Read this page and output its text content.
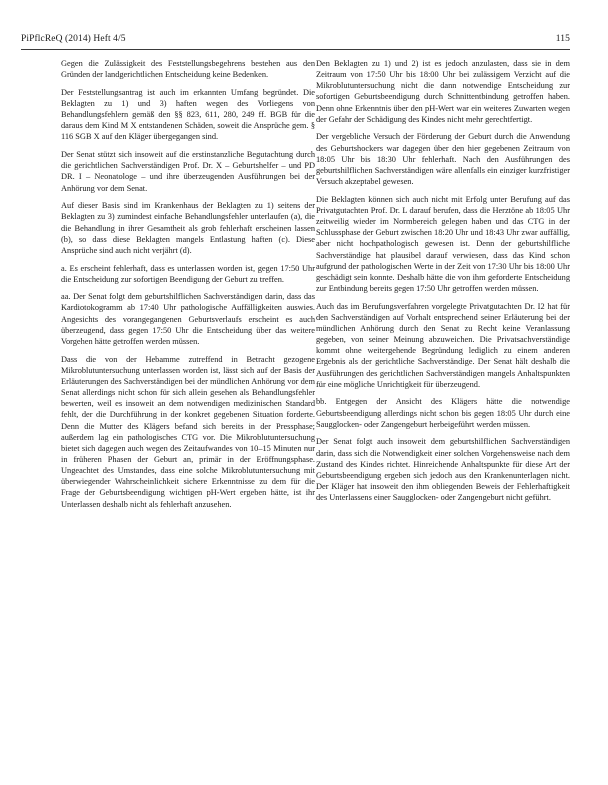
PiPflcReQ (2014) Heft 4/5	115

Gegen die Zulässigkeit des Feststellungsbegehrens bestehen aus den Gründen der landgerichtlichen Entscheidung keine Bedenken.

Der Feststellungsantrag ist auch im erkannten Umfang begründet. Die Beklagten zu 1) und 3) haften wegen des Vorliegens von Behandlungsfehlern gemäß den §§ 823, 611, 280, 249 ff. BGB für die daraus dem Kind M X entstandenen Schäden, soweit die Ansprüche gem. § 116 SGB X auf den Kläger übergegangen sind.

Der Senat stützt sich insoweit auf die erstinstanzliche Begutachtung durch die gerichtlichen Sachverständigen Prof. Dr. X – Geburtshelfer – und PD DR. I – Neonatologe – und ihre überzeugenden Ausführungen bei der Anhörung vor dem Senat.

Auf dieser Basis sind im Krankenhaus der Beklagten zu 1) seitens der Beklagten zu 3) zumindest einfache Behandlungsfehler unterlaufen (a), die die Behandlung in ihrer Gesamtheit als grob fehlerhaft erscheinen lassen (b), so dass diese Beklagten mangels Entlastung haften (c). Diese Ansprüche sind auch nicht verjährt (d).

a. Es erscheint fehlerhaft, dass es unterlassen worden ist, gegen 17:50 Uhr die Entscheidung zur sofortigen Beendigung der Geburt zu treffen.

aa. Der Senat folgt dem geburtshilflichen Sachverständigen darin, dass das Kardiotokogramm ab 17:40 Uhr pathologische Auffälligkeiten auswies. Angesichts des vorangegangenen Geburtsverlaufs erscheint es auch überzeugend, dass gegen 17:50 Uhr die Entscheidung über das weitere Vorgehen hätte getroffen werden müssen.

Dass die von der Hebamme zutreffend in Betracht gezogene Mikroblutuntersuchung unterlassen worden ist, lässt sich auf der Basis der Erläuterungen des Sachverständigen bei der mündlichen Anhörung vor dem Senat allerdings nicht schon für sich allein gesehen als Behandlungsfehler bewerten, weil es insoweit an dem notwendigen medizinischen Standard fehlt, der die Durchführung in der konkret gegebenen Situation forderte. Denn die Mutter des Klägers befand sich bereits in der Pressphase; außerdem lag ein pathologisches CTG vor. Die Mikroblutuntersuchung bietet sich dagegen auch wegen des Zeitaufwandes von 10–15 Minuten nur in früheren Phasen der Geburt an, primär in der Eröffnungsphase. Ungeachtet des Umstandes, dass eine solche Mikroblutuntersuchung mit überwiegender Wahrscheinlichkeit sichere Erkenntnisse zu dem für die Frage der Geburtsbeendigung wichtigen pH-Wert ergeben hätte, ist ihr Unterlassen deshalb nicht als fehlerhaft anzusehen.

Den Beklagten zu 1) und 2) ist es jedoch anzulasten, dass sie in dem Zeitraum von 17:50 Uhr bis 18:00 Uhr bei zulässigem Verzicht auf die Mikroblutuntersuchung nicht die dann notwendige Entscheidung zur sofortigen Geburtsbeendigung durch Schnittentbindung getroffen haben. Denn ohne Erkenntnis über den pH-Wert war ein weiteres Zuwarten wegen der Gefahr der Schädigung des Kindes nicht mehr gerechtfertigt.

Der vergebliche Versuch der Förderung der Geburt durch die Anwendung des Geburtshockers war dagegen über den hier gegebenen Zeitraum von 18:05 Uhr bis 18:30 Uhr fehlerhaft. Nach den Ausführungen des geburtshilflichen Sachverständigen wäre allenfalls ein einziger kurzfristiger Versuch akzeptabel gewesen.

Die Beklagten können sich auch nicht mit Erfolg unter Berufung auf das Privatgutachten Prof. Dr. L darauf berufen, dass die Herztöne ab 18:05 Uhr zeitweilig wieder im Normbereich gelegen haben und das CTG in der Schlussphase der Geburt zwischen 18:20 Uhr und 18:43 Uhr zwar auffällig, aber nicht hochpathologisch gewesen ist. Denn der geburtshilfliche Sachverständige hat plausibel darauf verwiesen, dass das Kind schon aufgrund der pathologischen Werte in der Zeit von 17:30 Uhr bis 18:00 Uhr geschädigt sein konnte. Deshalb hätte die von ihm geforderte Entscheidung zur Entbindung bereits gegen 17:50 Uhr getroffen werden müssen.

Auch das im Berufungsverfahren vorgelegte Privatgutachten Dr. I2 hat für den Sachverständigen auf Vorhalt entsprechend seiner Erläuterung bei der mündlichen Anhörung durch den Senat zu Recht keine Veranlassung gegeben, von seiner Meinung abzuweichen. Die Privatsachverständige kommt ohne weitergehende Begründung lediglich zu einem anderen Ergebnis als der gerichtliche Sachverständige. Der Senat hält deshalb die Ausführungen des gerichtlichen Sachverständigen mangels Anhaltspunkten für eine mögliche Unrichtigkeit für überzeugend.

bb. Entgegen der Ansicht des Klägers hätte die notwendige Geburtsbeendigung allerdings nicht schon bis gegen 18:05 Uhr durch eine Saugglocken- oder Zangengeburt herbeigeführt werden müssen.

Der Senat folgt auch insoweit dem geburtshilflichen Sachverständigen darin, dass sich die Notwendigkeit einer solchen Vorgehensweise nach dem Zustand des Kindes richtet. Hinreichende Anhaltspunkte für diese Art der Geburtsbeendigung ergeben sich jedoch aus den Krankenunterlagen nicht. Der Kläger hat insoweit den ihm obliegenden Beweis der Fehlerhaftigkeit des Unterlassens einer Saugglocken- oder Zangengeburt nicht geführt.
